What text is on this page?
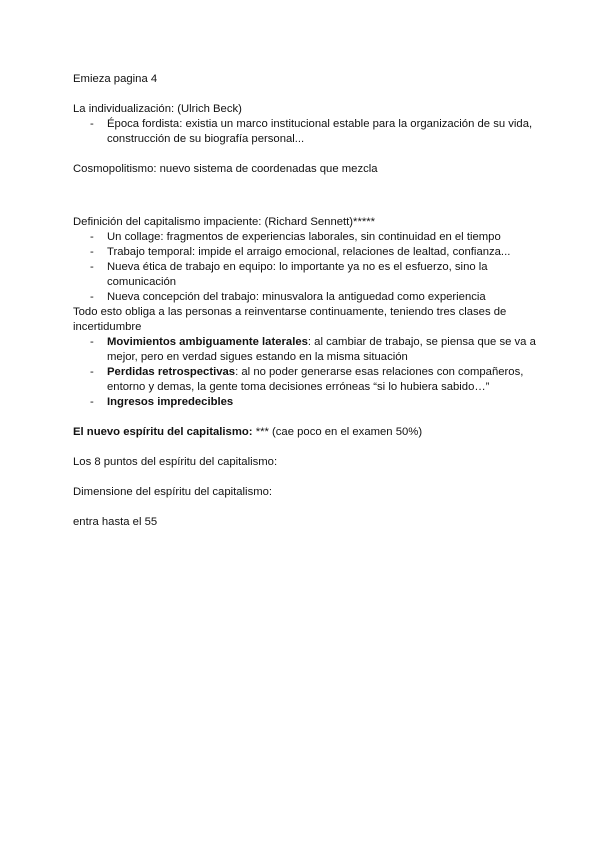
Emieza pagina 4

La individualización: (Ulrich Beck)

- Época fordista: existia un marco institucional estable para la organización de su vida, construcción de su biografía personal...

Cosmopolitismo: nuevo sistema de coordenadas que mezcla

Definición del capitalismo impaciente: (Richard Sennett)*****

- Un collage: fragmentos de experiencias laborales, sin continuidad en el tiempo
- Trabajo temporal: impide el arraigo emocional, relaciones de lealtad, confianza...
- Nueva ética de trabajo en equipo: lo importante ya no es el esfuerzo, sino la comunicación
- Nueva concepción del trabajo: minusvalora la antiguedad como experiencia

Todo esto obliga a las personas a reinventarse continuamente, teniendo tres clases de incertidumbre

- Movimientos ambiguamente laterales: al cambiar de trabajo, se piensa que se va a mejor, pero en verdad sigues estando en la misma situación
- Perdidas retrospectivas: al no poder generarse esas relaciones con compañeros, entorno y demas, la gente toma decisiones erróneas “si lo hubiera sabido…”
- Ingresos impredecibles

El nuevo espíritu del capitalismo: *** (cae poco en el examen 50%)

Los 8 puntos del espíritu del capitalismo:

Dimensione del espíritu del capitalismo:

entra hasta el 55
